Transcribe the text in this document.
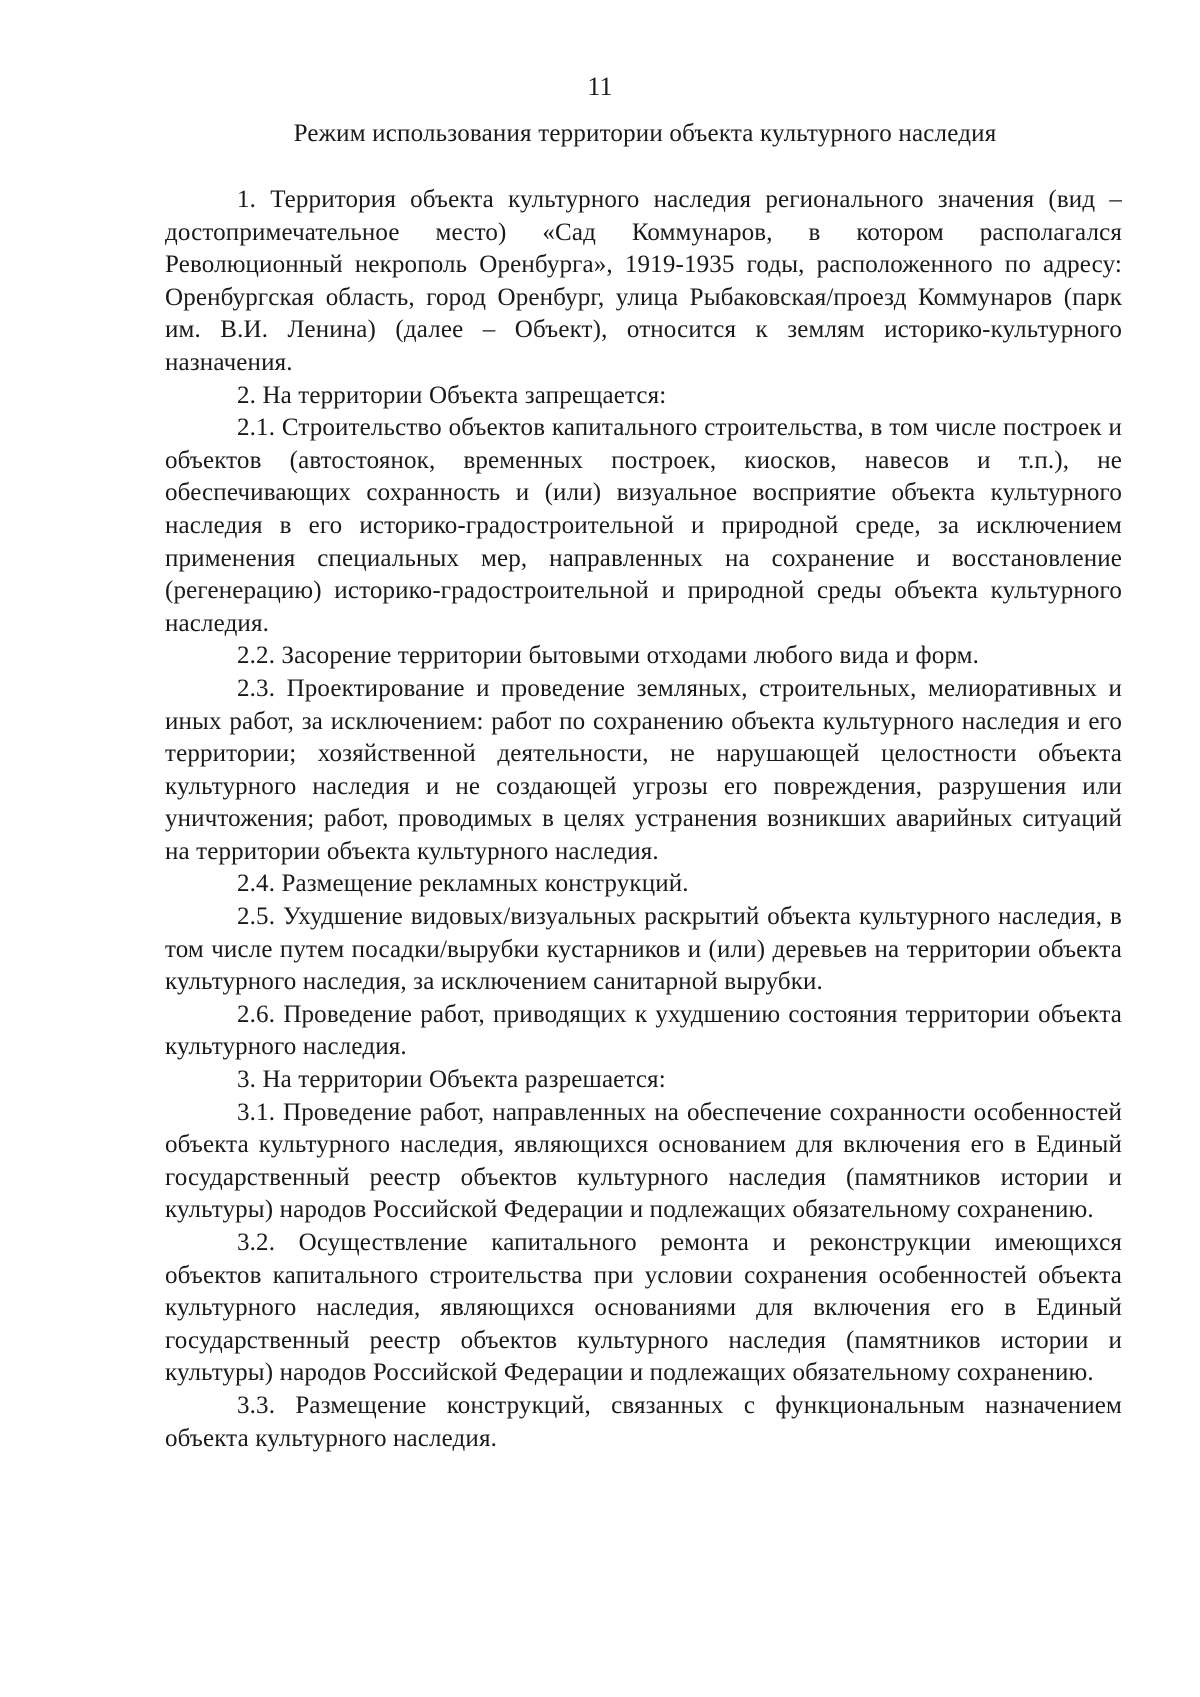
11
Режим использования территории объекта культурного наследия

1. Территория объекта культурного наследия регионального значения (вид – достопримечательное место) «Сад Коммунаров, в котором располагался Революционный некрополь Оренбурга», 1919-1935 годы, расположенного по адресу: Оренбургская область, город Оренбург, улица Рыбаковская/проезд Коммунаров (парк им. В.И. Ленина) (далее – Объект), относится к землям историко-культурного назначения.

2. На территории Объекта запрещается:

2.1. Строительство объектов капитального строительства, в том числе построек и объектов (автостоянок, временных построек, киосков, навесов и т.п.), не обеспечивающих сохранность и (или) визуальное восприятие объекта культурного наследия в его историко-градостроительной и природной среде, за исключением применения специальных мер, направленных на сохранение и восстановление (регенерацию) историко-градостроительной и природной среды объекта культурного наследия.

2.2. Засорение территории бытовыми отходами любого вида и форм.

2.3. Проектирование и проведение земляных, строительных, мелиоративных и иных работ, за исключением: работ по сохранению объекта культурного наследия и его территории; хозяйственной деятельности, не нарушающей целостности объекта культурного наследия и не создающей угрозы его повреждения, разрушения или уничтожения; работ, проводимых в целях устранения возникших аварийных ситуаций на территории объекта культурного наследия.

2.4. Размещение рекламных конструкций.

2.5. Ухудшение видовых/визуальных раскрытий объекта культурного наследия, в том числе путем посадки/вырубки кустарников и (или) деревьев на территории объекта культурного наследия, за исключением санитарной вырубки.

2.6. Проведение работ, приводящих к ухудшению состояния территории объекта культурного наследия.

3. На территории Объекта разрешается:

3.1. Проведение работ, направленных на обеспечение сохранности особенностей объекта культурного наследия, являющихся основанием для включения его в Единый государственный реестр объектов культурного наследия (памятников истории и культуры) народов Российской Федерации и подлежащих обязательному сохранению.

3.2. Осуществление капитального ремонта и реконструкции имеющихся объектов капитального строительства при условии сохранения особенностей объекта культурного наследия, являющихся основаниями для включения его в Единый государственный реестр объектов культурного наследия (памятников истории и культуры) народов Российской Федерации и подлежащих обязательному сохранению.

3.3. Размещение конструкций, связанных с функциональным назначением объекта культурного наследия.
